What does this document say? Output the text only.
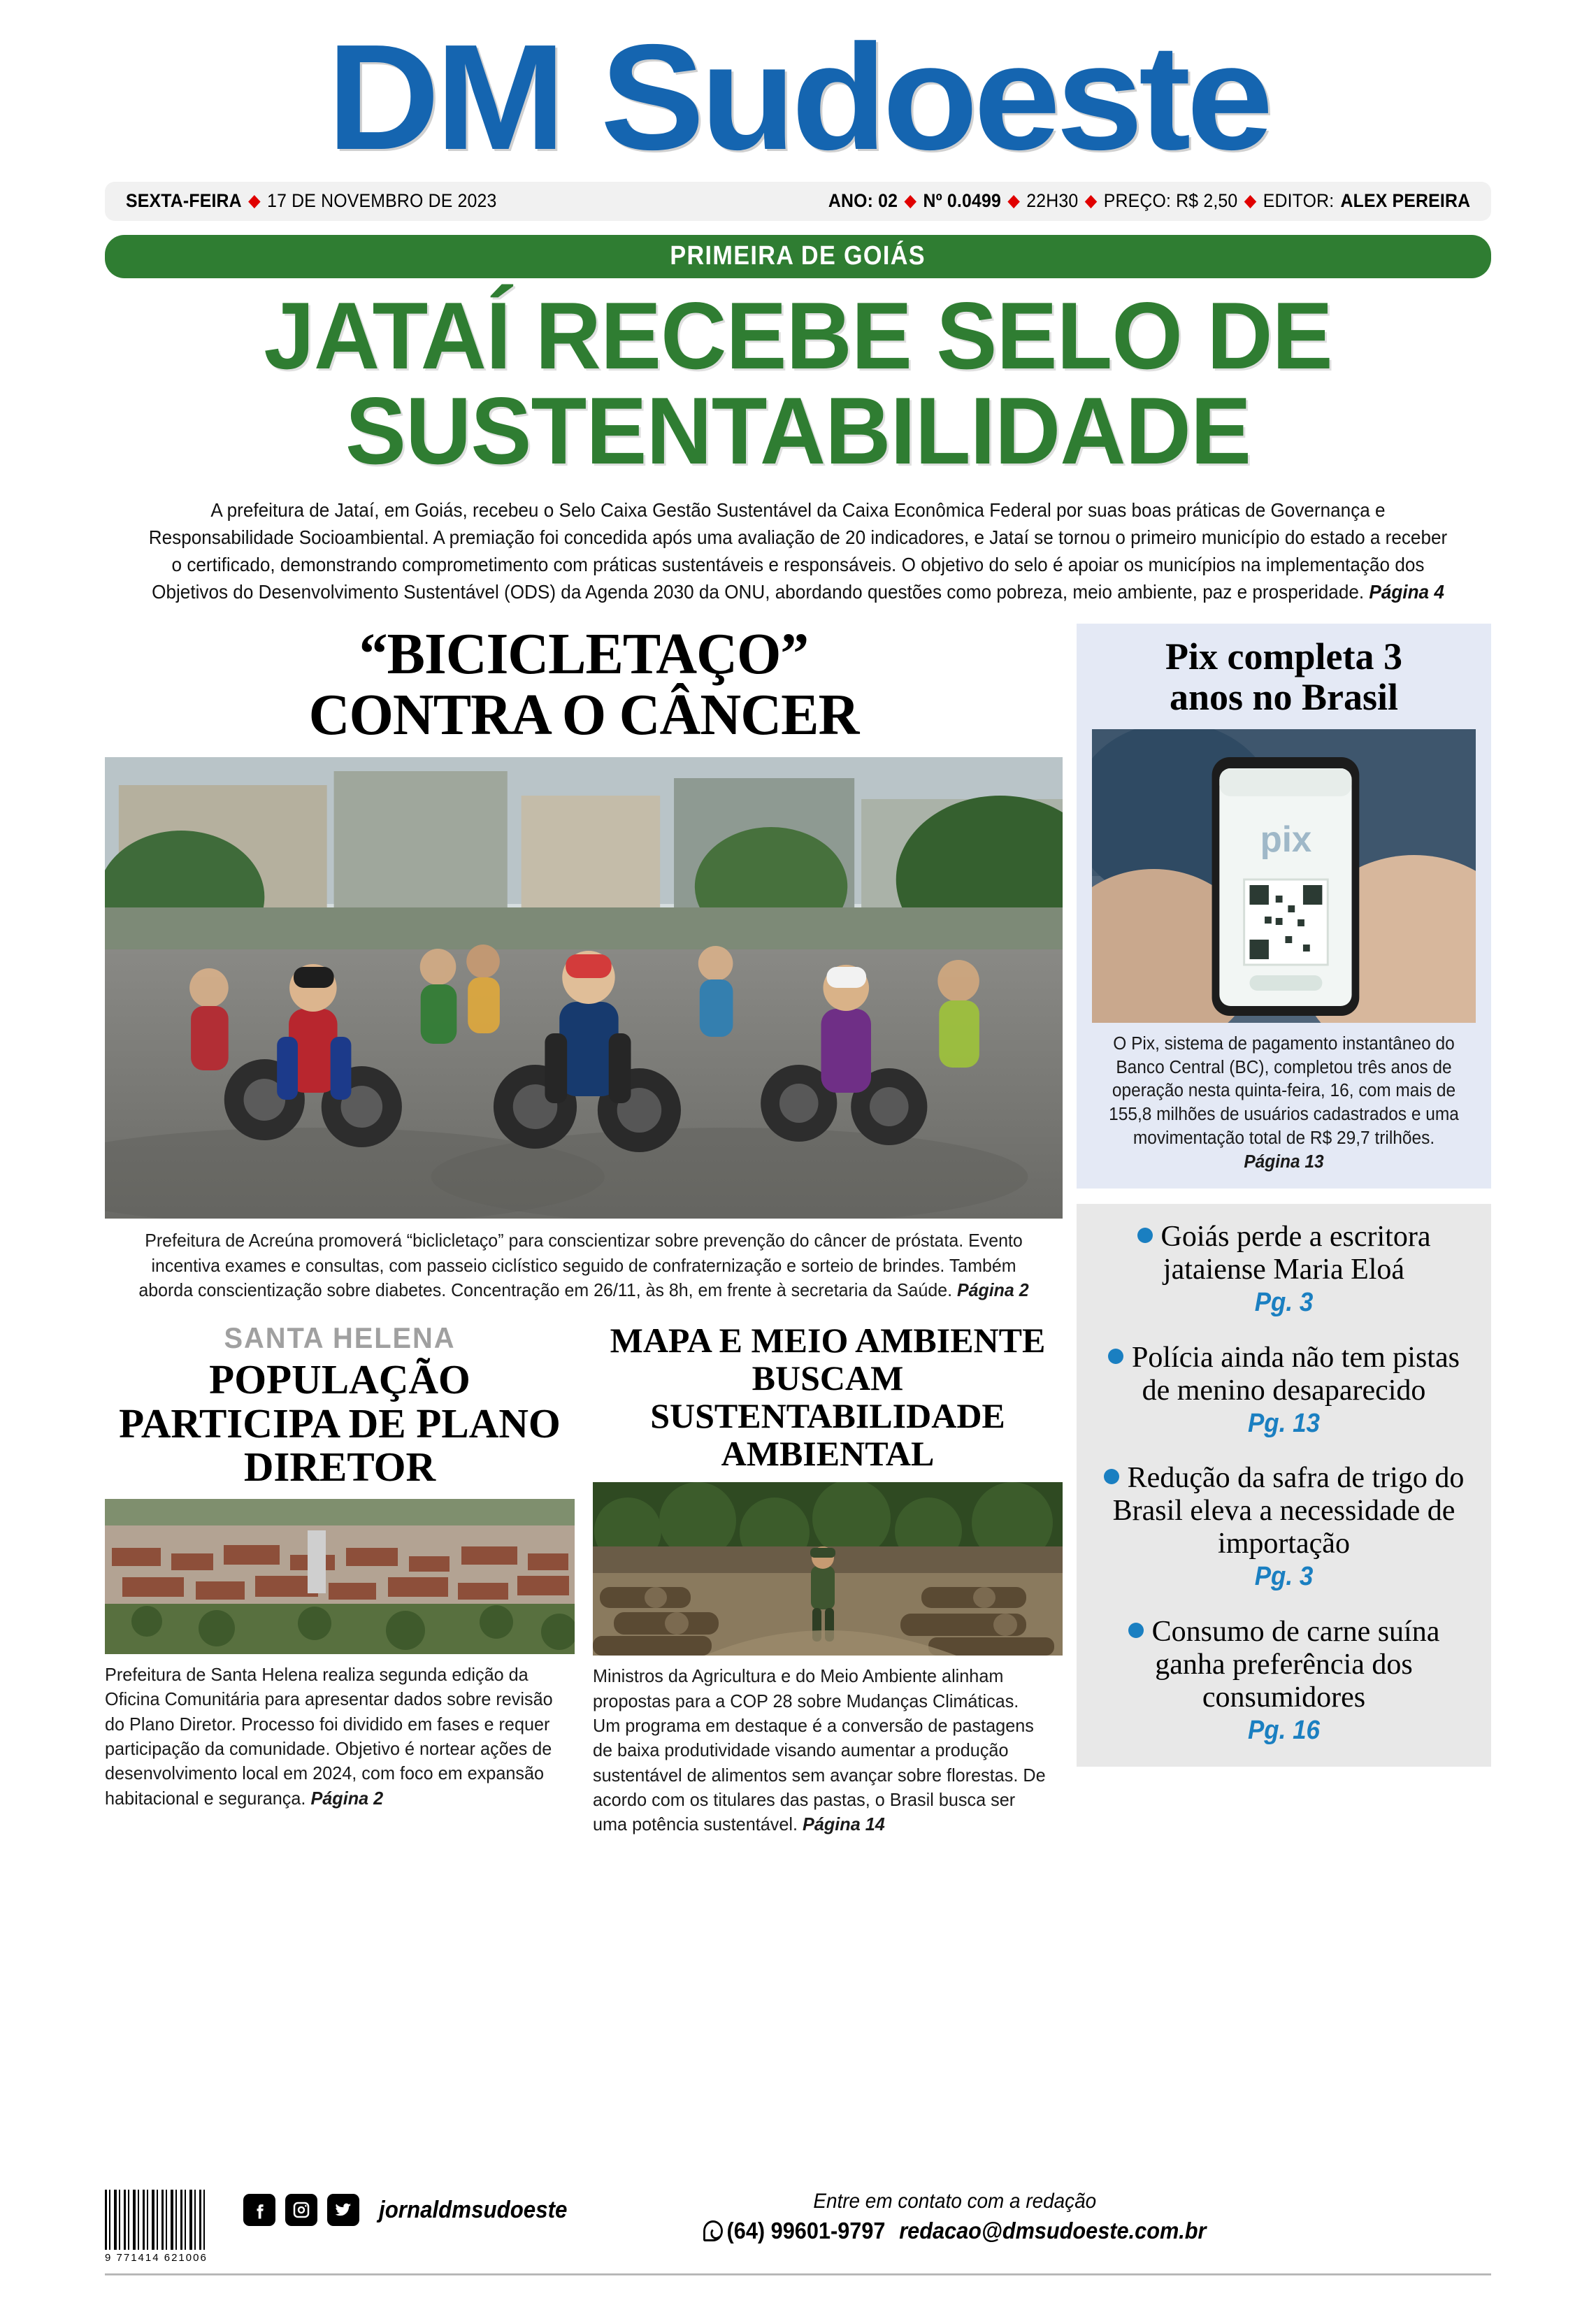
DM Sudoeste
SEXTA-FEIRA ◆ 17 DE NOVEMBRO DE 2023	ANO: 02 ◆ Nº 0.0499 ◆ 22H30 ◆ PREÇO: R$ 2,50 ◆ EDITOR: ALEX PEREIRA
PRIMEIRA DE GOIÁS
JATAÍ RECEBE SELO DE
SUSTENTABILIDADE
A prefeitura de Jataí, em Goiás, recebeu o Selo Caixa Gestão Sustentável da Caixa Econômica Federal por suas boas práticas de Governança e Responsabilidade Socioambiental. A premiação foi concedida após uma avaliação de 20 indicadores, e Jataí se tornou o primeiro município do estado a receber o certificado, demonstrando comprometimento com práticas sustentáveis e responsáveis. O objetivo do selo é apoiar os municípios na implementação dos Objetivos do Desenvolvimento Sustentável (ODS) da Agenda 2030 da ONU, abordando questões como pobreza, meio ambiente, paz e prosperidade. Página 4
“BICICLETAÇO”
CONTRA O CÂNCER
Prefeitura de Acreúna promoverá “biclicletaço” para conscientizar sobre prevenção do câncer de próstata. Evento incentiva exames e consultas, com passeio ciclístico seguido de confraternização e sorteio de brindes. Também aborda conscientização sobre diabetes. Concentração em 26/11, às 8h, em frente à secretaria da Saúde. Página 2
SANTA HELENA
POPULAÇÃO PARTICIPA DE PLANO DIRETOR
Prefeitura de Santa Helena realiza segunda edição da Oficina Comunitária para apresentar dados sobre revisão do Plano Diretor. Processo foi dividido em fases e requer participação da comunidade. Objetivo é nortear ações de desenvolvimento local em 2024, com foco em expansão habitacional e segurança. Página 2
MAPA E MEIO AMBIENTE BUSCAM SUSTENTABILIDADE AMBIENTAL
Ministros da Agricultura e do Meio Ambiente alinham propostas para a COP 28 sobre Mudanças Climáticas. Um programa em destaque é a conversão de pastagens de baixa produtividade visando aumentar a produção sustentável de alimentos sem avançar sobre florestas. De acordo com os titulares das pastas, o Brasil busca ser uma potência sustentável. Página 14
Pix completa 3
anos no Brasil
pix
O Pix, sistema de pagamento instantâneo do Banco Central (BC), completou três anos de operação nesta quinta-feira, 16, com mais de 155,8 milhões de usuários cadastrados e uma movimentação total de R$ 29,7 trilhões.
Página 13
Goiás perde a escritora jataiense Maria Eloá
Pg. 3
Polícia ainda não tem pistas de menino desaparecido
Pg. 13
Redução da safra de trigo do Brasil eleva a necessidade de importação
Pg. 3
Consumo de carne suína ganha preferência dos consumidores
Pg. 16
9 771414 621006
jornaldmsudoeste	Entre em contato com a redação
(64) 99601-9797 redacao@dmsudoeste.com.br
